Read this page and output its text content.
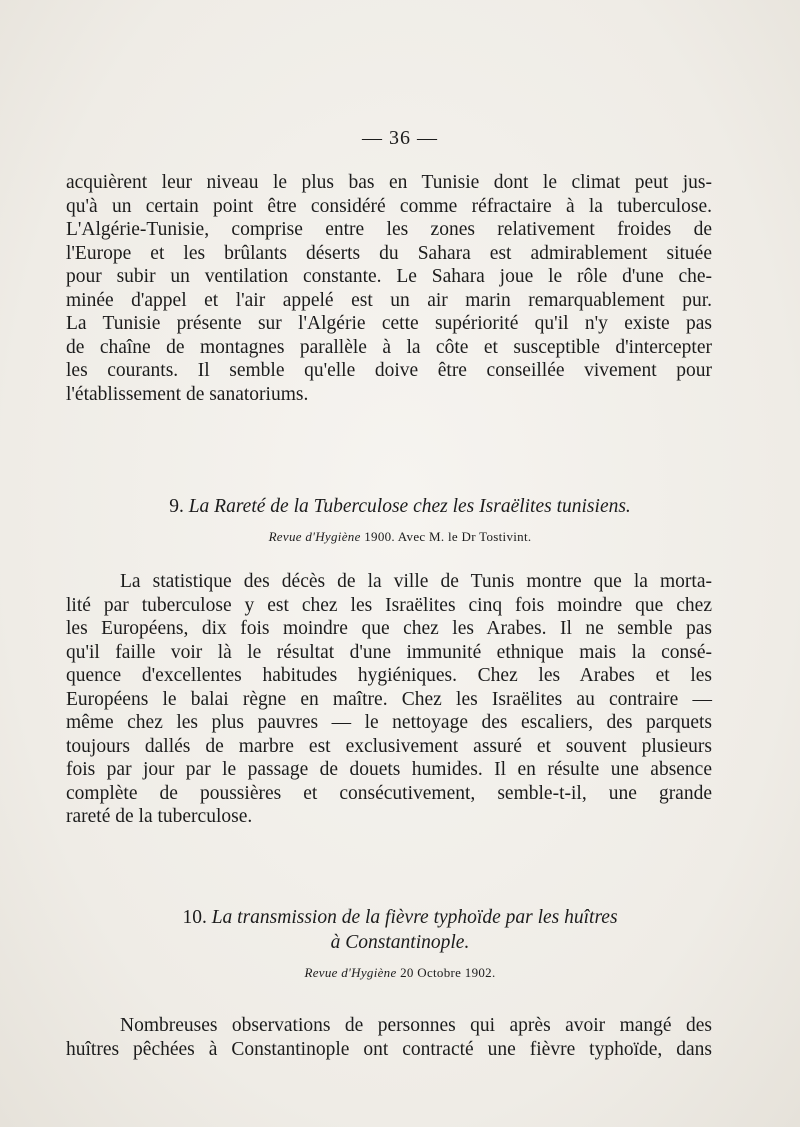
— 36 —

acquièrent leur niveau le plus bas en Tunisie dont le climat peut jus-
qu'à un certain point être considéré comme réfractaire à la tuberculose.
L'Algérie-Tunisie, comprise entre les zones relativement froides de
l'Europe et les brûlants déserts du Sahara est admirablement située
pour subir un ventilation constante. Le Sahara joue le rôle d'une che-
minée d'appel et l'air appelé est un air marin remarquablement pur.
La Tunisie présente sur l'Algérie cette supériorité qu'il n'y existe pas
de chaîne de montagnes parallèle à la côte et susceptible d'intercepter
les courants. Il semble qu'elle doive être conseillée vivement pour
l'établissement de sanatoriums.

9. La Rareté de la Tuberculose chez les Israëlites tunisiens.
Revue d'Hygiène 1900. Avec M. le Dr Tostivint.

La statistique des décès de la ville de Tunis montre que la morta-
lité par tuberculose y est chez les Israëlites cinq fois moindre que chez
les Européens, dix fois moindre que chez les Arabes. Il ne semble pas
qu'il faille voir là le résultat d'une immunité ethnique mais la consé-
quence d'excellentes habitudes hygiéniques. Chez les Arabes et les
Européens le balai règne en maître. Chez les Israëlites au contraire —
même chez les plus pauvres — le nettoyage des escaliers, des parquets
toujours dallés de marbre est exclusivement assuré et souvent plusieurs
fois par jour par le passage de douets humides. Il en résulte une absence
complète de poussières et consécutivement, semble-t-il, une grande
rareté de la tuberculose.

10. La transmission de la fièvre typhoïde par les huîtres
à Constantinople.
Revue d'Hygiène 20 Octobre 1902.

Nombreuses observations de personnes qui après avoir mangé des
huîtres pêchées à Constantinople ont contracté une fièvre typhoïde, dans
